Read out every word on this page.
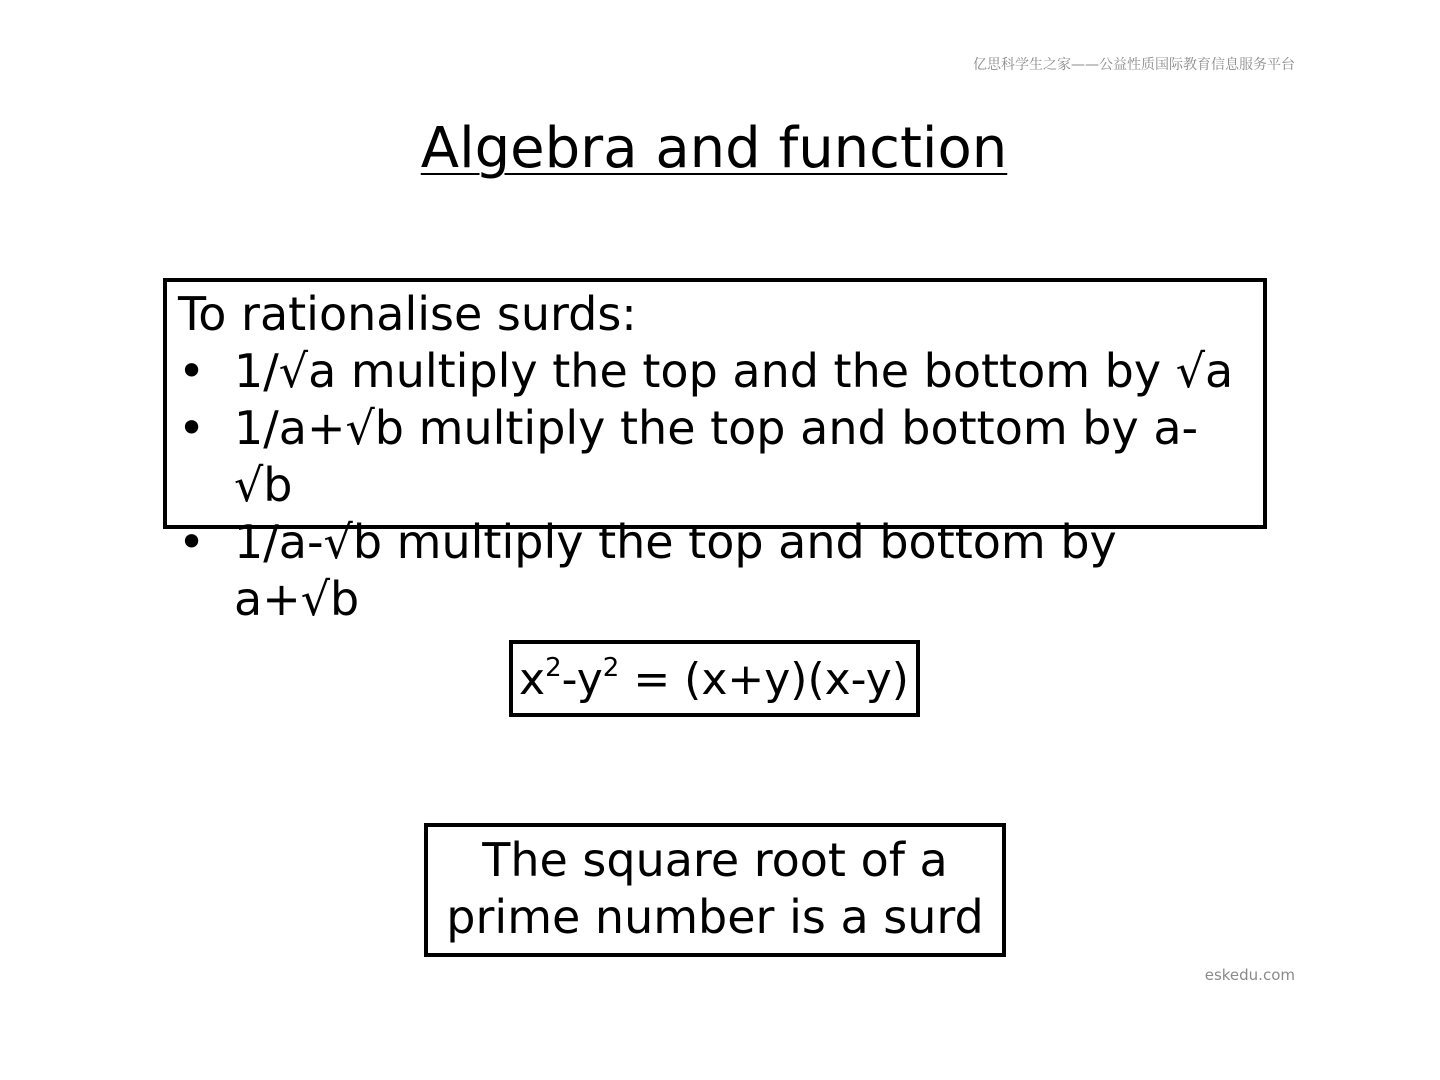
亿思科学生之家——公益性质国际教育信息服务平台
Algebra and function
To rationalise surds:
• 1/√a multiply the top and the bottom by √a
• 1/a+√b multiply the top and bottom by a-√b
• 1/a-√b multiply the top and bottom by a+√b
$x^2-y^2 = (x+y)(x-y)$
The square root of a prime number is a surd
eskedu.com
